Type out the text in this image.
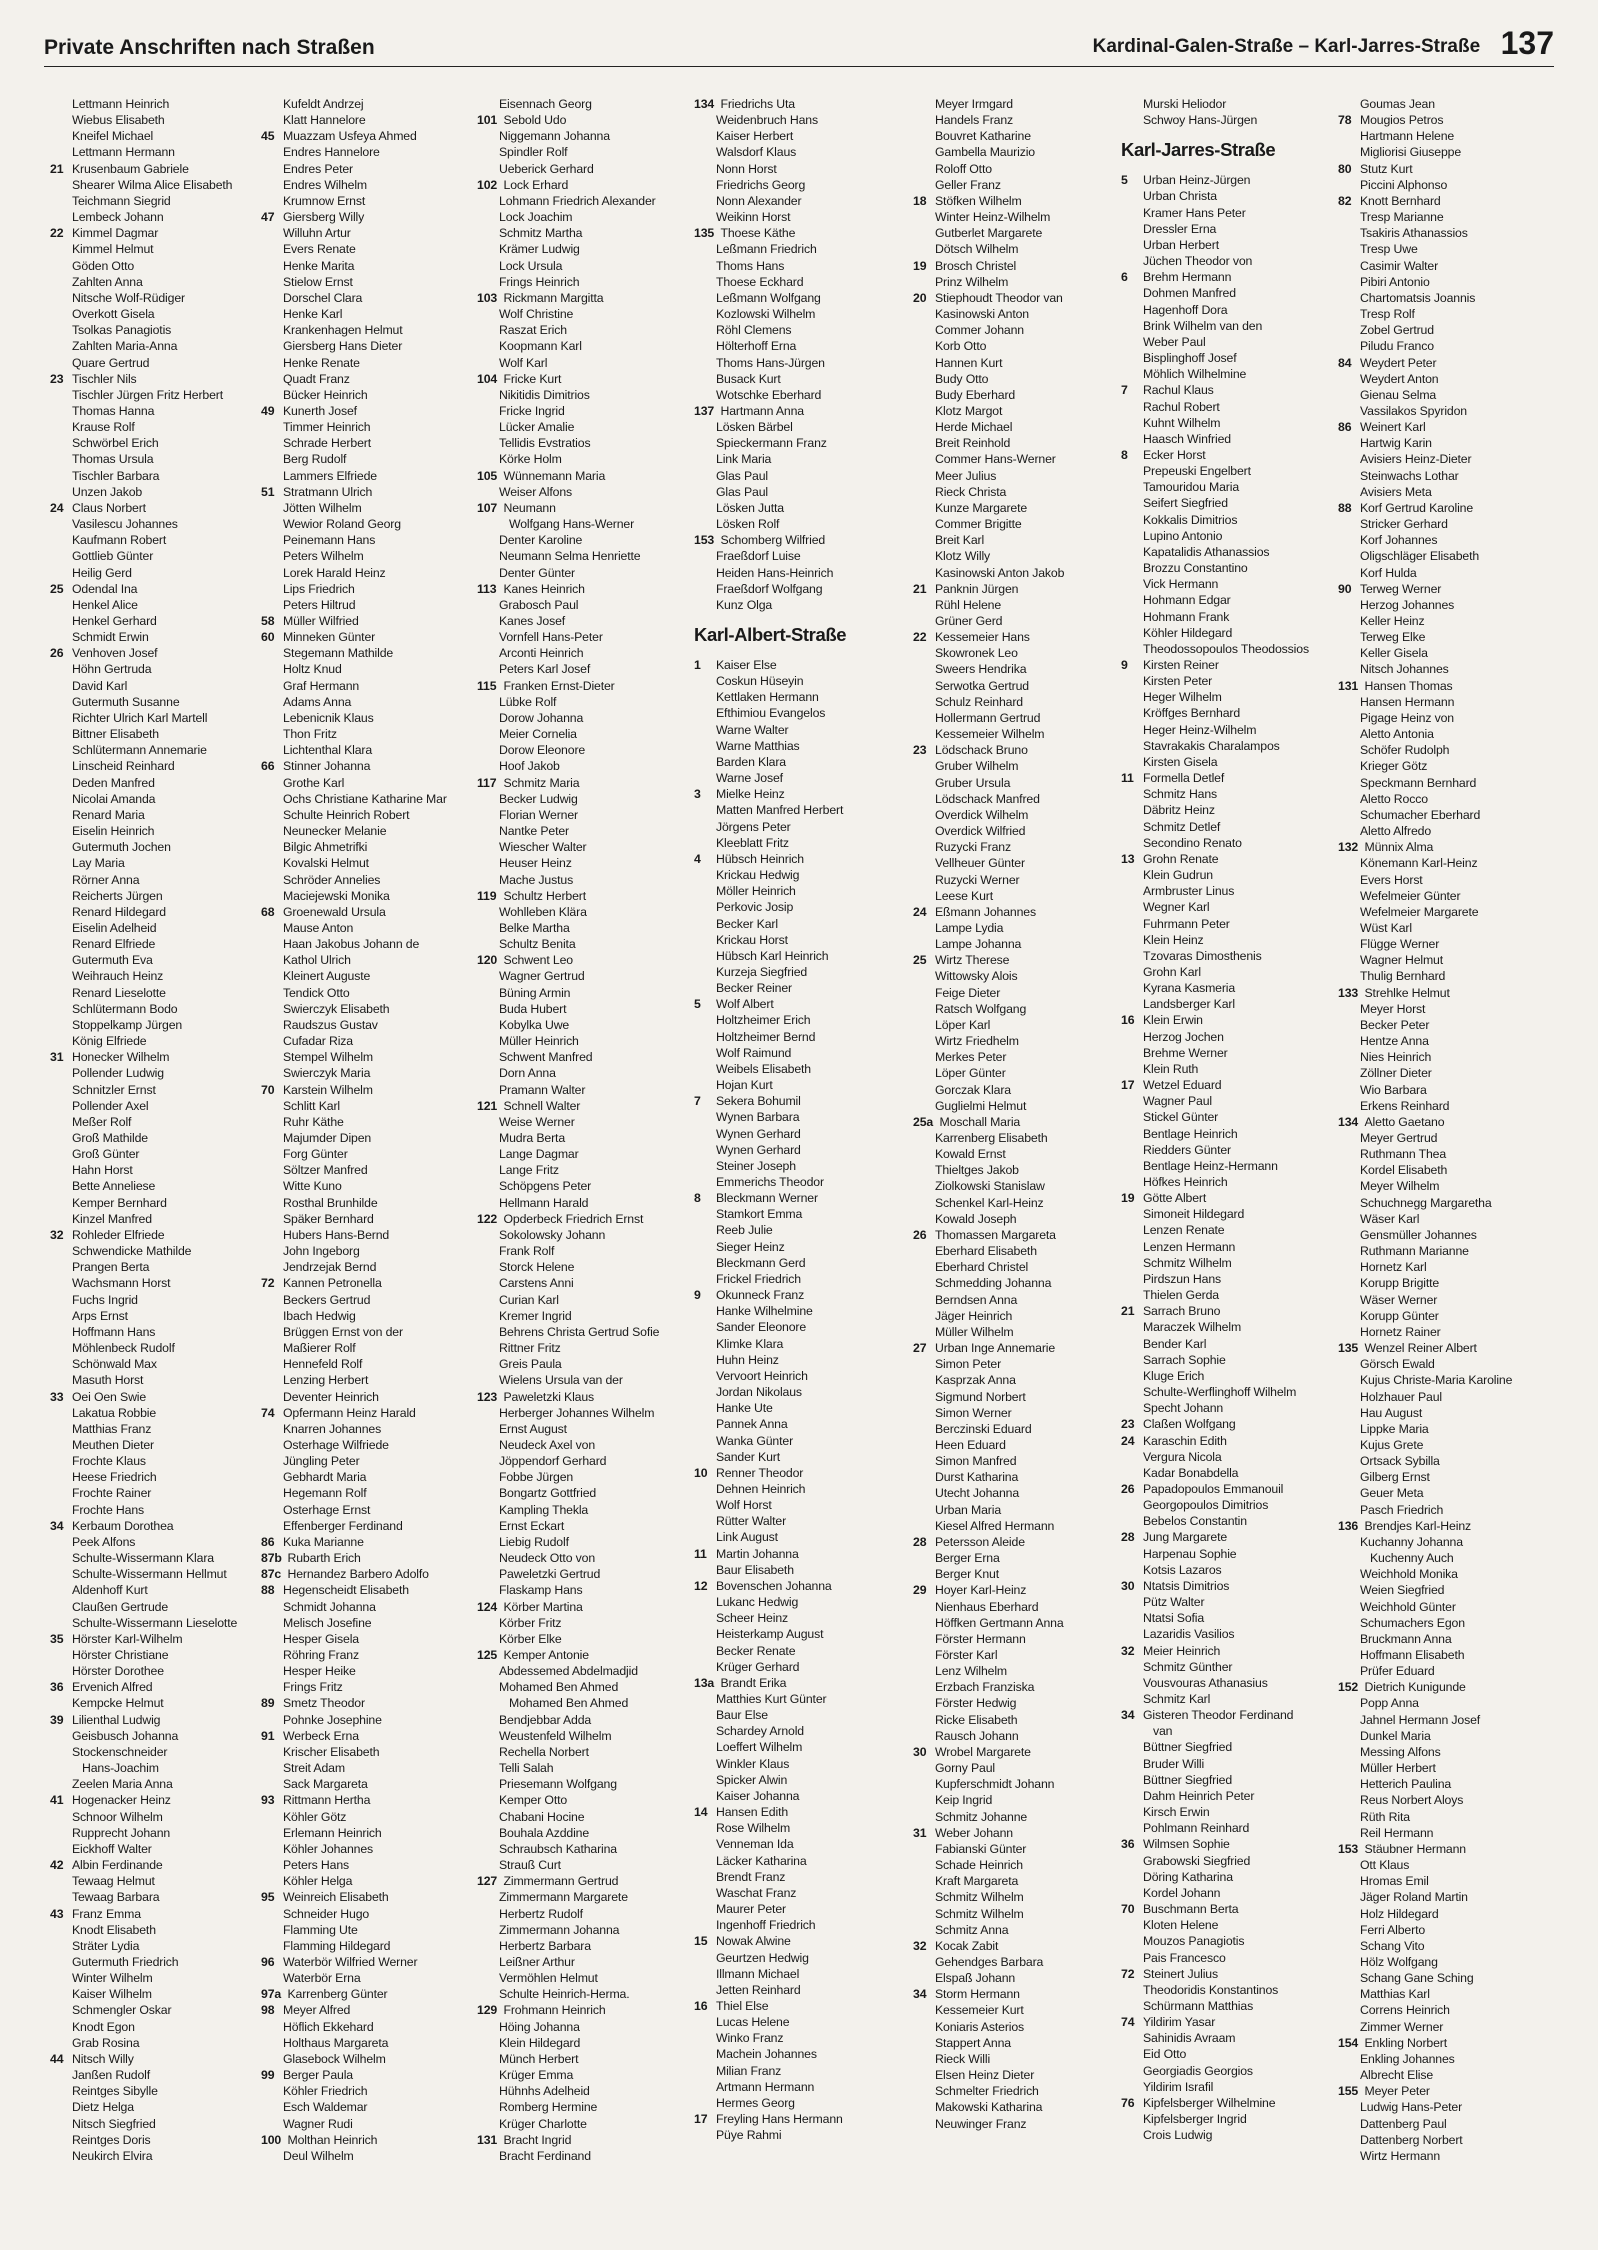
Private Anschriften nach Straßen	Kardinal-Galen-Straße – Karl-Jarres-Straße 137
Lettmann Heinrich
Wiebus Elisabeth
Kneifel Michael
Lettmann Hermann
21 Krusenbaum Gabriele
Shearer Wilma Alice Elisabeth
Teichmann Siegrid
Lembeck Johann
22 Kimmel Dagmar
Kimmel Helmut
Göden Otto
Zahlten Anna
Nitsche Wolf-Rüdiger
Overkott Gisela
Tsolkas Panagiotis
Zahlten Maria-Anna
Quare Gertrud
23 Tischler Nils
Tischler Jürgen Fritz Herbert
Thomas Hanna
Krause Rolf
Schwörbel Erich
Thomas Ursula
Tischler Barbara
Unzen Jakob
24 Claus Norbert
Vasilescu Johannes
Kaufmann Robert
Gottlieb Günter
Heilig Gerd
25 Odendal Ina
Henkel Alice
Henkel Gerhard
Schmidt Erwin
26 Venhoven Josef
Höhn Gertruda
David Karl
Gutermuth Susanne
Richter Ulrich Karl Martell
Bittner Elisabeth
Schlütermann Annemarie
Linscheid Reinhard
Deden Manfred
Nicolai Amanda
Renard Maria
Eiselin Heinrich
Gutermuth Jochen
Lay Maria
Rörner Anna
Reicherts Jürgen
Renard Hildegard
Eiselin Adelheid
Renard Elfriede
Gutermuth Eva
Weihrauch Heinz
Renard Lieselotte
Schlütermann Bodo
Stoppelkamp Jürgen
König Elfriede
31 Honecker Wilhelm
Pollender Ludwig
Schnitzler Ernst
Pollender Axel
Meßer Rolf
Groß Mathilde
Groß Günter
Hahn Horst
Bette Anneliese
Kemper Bernhard
Kinzel Manfred
32 Rohleder Elfriede
Schwendicke Mathilde
Prangen Berta
Wachsmann Horst
Fuchs Ingrid
Arps Ernst
Hoffmann Hans
Möhlenbeck Rudolf
Schönwald Max
Masuth Horst
33 Oei Oen Swie
Lakatua Robbie
Matthias Franz
Meuthen Dieter
Frochte Klaus
Heese Friedrich
Frochte Rainer
Frochte Hans
34 Kerbaum Dorothea
Peek Alfons
Schulte-Wissermann Klara
Schulte-Wissermann Hellmut
Aldenhoff Kurt
Claußen Gertrude
Schulte-Wissermann Lieselotte
35 Hörster Karl-Wilhelm
Hörster Christiane
Hörster Dorothee
36 Ervenich Alfred
Kempcke Helmut
39 Lilienthal Ludwig
Geisbusch Johanna
Stockenschneider
Hans-Joachim
Zeelen Maria Anna
41 Hogenacker Heinz
Schnoor Wilhelm
Rupprecht Johann
Eickhoff Walter
42 Albin Ferdinande
Tewaag Helmut
Tewaag Barbara
43 Franz Emma
Knodt Elisabeth
Sträter Lydia
Gutermuth Friedrich
Winter Wilhelm
Kaiser Wilhelm
Schmengler Oskar
Knodt Egon
Grab Rosina
44 Nitsch Willy
Janßen Rudolf
Reintges Sibylle
Dietz Helga
Nitsch Siegfried
Reintges Doris
Neukirch Elvira
Kufeldt Andrzej
Klatt Hannelore
45 Muazzam Usfeya Ahmed
Endres Hannelore
Endres Peter
Endres Wilhelm
Krumnow Ernst
47 Giersberg Willy
Willuhn Artur
Evers Renate
Henke Marita
Stielow Ernst
Dorschel Clara
Henke Karl
Krankenhagen Helmut
Giersberg Hans Dieter
Henke Renate
Quadt Franz
Bücker Heinrich
49 Kunerth Josef
Timmer Heinrich
Schrade Herbert
Berg Rudolf
Lammers Elfriede
51 Stratmann Ulrich
Jötten Wilhelm
Wewior Roland Georg
Peinemann Hans
Peters Wilhelm
Lorek Harald Heinz
Lips Friedrich
Peters Hiltrud
58 Müller Wilfried
60 Minneken Günter
Stegemann Mathilde
Holtz Knud
Graf Hermann
Adams Anna
Lebenicnik Klaus
Thon Fritz
Lichtenthal Klara
66 Stinner Johanna
Grothe Karl
Ochs Christiane Katharine Mar
Schulte Heinrich Robert
Neunecker Melanie
Bilgic Ahmetrifki
Kovalski Helmut
Schröder Annelies
Maciejewski Monika
68 Groenewald Ursula
Mause Anton
Haan Jakobus Johann de
Kathol Ulrich
Kleinert Auguste
Tendick Otto
Swierczyk Elisabeth
Raudszus Gustav
Cufadar Riza
Stempel Wilhelm
Swierczyk Maria
70 Karstein Wilhelm
Schlitt Karl
Ruhr Käthe
Majumder Dipen
Forg Günter
Söltzer Manfred
Witte Kuno
Rosthal Brunhilde
Späker Bernhard
Hubers Hans-Bernd
John Ingeborg
Jendrzejak Bernd
72 Kannen Petronella
Beckers Gertrud
Ibach Hedwig
Brüggen Ernst von der
Maßierer Rolf
Hennefeld Rolf
Lenzing Herbert
Deventer Heinrich
74 Opfermann Heinz Harald
Knarren Johannes
Osterhage Wilfriede
Jüngling Peter
Gebhardt Maria
Hegemann Rolf
Osterhage Ernst
Effenberger Ferdinand
86 Kuka Marianne
87b Rubarth Erich
87c Hernandez Barbero Adolfo
88 Hegenscheidt Elisabeth
Schmidt Johanna
Melisch Josefine
Hesper Gisela
Röhring Franz
Hesper Heike
Frings Fritz
89 Smetz Theodor
Pohnke Josephine
91 Werbeck Erna
Krischer Elisabeth
Streit Adam
Sack Margareta
93 Rittmann Hertha
Köhler Götz
Erlemann Heinrich
Köhler Johannes
Peters Hans
Köhler Helga
95 Weinreich Elisabeth
Schneider Hugo
Flamming Ute
Flamming Hildegard
96 Waterbör Wilfried Werner
Waterbör Erna
97a Karrenberg Günter
98 Meyer Alfred
Höflich Ekkehard
Holthaus Margareta
Glasebock Wilhelm
99 Berger Paula
Köhler Friedrich
Esch Waldemar
Wagner Rudi
100 Molthan Heinrich
Deul Wilhelm
Eisennach Georg
101 Sebold Udo
Niggemann Johanna
Spindler Rolf
Ueberick Gerhard
102 Lock Erhard
Lohmann Friedrich Alexander
Lock Joachim
Schmitz Martha
Krämer Ludwig
Lock Ursula
Frings Heinrich
103 Rickmann Margitta
Wolf Christine
Raszat Erich
Koopmann Karl
Wolf Karl
104 Fricke Kurt
Nikitidis Dimitrios
Fricke Ingrid
Lücker Amalie
Tellidis Evstratios
Körke Holm
105 Wünnemann Maria
Weiser Alfons
107 Neumann
Wolfgang Hans-Werner
Denter Karoline
Neumann Selma Henriette
Denter Günter
113 Kanes Heinrich
Grabosch Paul
Kanes Josef
Vornfell Hans-Peter
Arconti Heinrich
Peters Karl Josef
115 Franken Ernst-Dieter
Lübke Rolf
Dorow Johanna
Meier Cornelia
Dorow Eleonore
Hoof Jakob
117 Schmitz Maria
Becker Ludwig
Florian Werner
Nantke Peter
Wiescher Walter
Heuser Heinz
Mache Justus
119 Schultz Herbert
Wohlleben Klära
Belke Martha
Schultz Benita
120 Schwent Leo
Wagner Gertrud
Büning Armin
Buda Hubert
Kobylka Uwe
Müller Heinrich
Schwent Manfred
Dorn Anna
Pramann Walter
121 Schnell Walter
Weise Werner
Mudra Berta
Lange Dagmar
Lange Fritz
Schöpgens Peter
Hellmann Harald
122 Opderbeck Friedrich Ernst
Sokolowsky Johann
Frank Rolf
Storck Helene
Carstens Anni
Curian Karl
Kremer Ingrid
Behrens Christa Gertrud Sofie
Rittner Fritz
Greis Paula
Wielens Ursula van der
123 Paweletzki Klaus
Herberger Johannes Wilhelm
Ernst August
Neudeck Axel von
Jöppendorf Gerhard
Fobbe Jürgen
Bongartz Gottfried
Kampling Thekla
Ernst Eckart
Liebig Rudolf
Neudeck Otto von
Paweletzki Gertrud
Flaskamp Hans
124 Körber Martina
Körber Fritz
Körber Elke
125 Kemper Antonie
Abdessemed Abdelmadjid
Mohamed Ben Ahmed
Mohamed Ben Ahmed
Bendjebbar Adda
Weustenfeld Wilhelm
Rechella Norbert
Telli Salah
Priesemann Wolfgang
Kemper Otto
Chabani Hocine
Bouhala Azddine
Schraubsch Katharina
Strauß Curt
127 Zimmermann Gertrud
Zimmermann Margarete
Herbertz Rudolf
Zimmermann Johanna
Herbertz Barbara
Leißner Arthur
Vermöhlen Helmut
Schulte Heinrich-Herma.
129 Frohmann Heinrich
Höing Johanna
Klein Hildegard
Münch Herbert
Krüger Emma
Hühnhs Adelheid
Romberg Hermine
Krüger Charlotte
131 Bracht Ingrid
Bracht Ferdinand
134 Friedrichs Uta
Weidenbruch Hans
Kaiser Herbert
Walsdorf Klaus
Nonn Horst
Friedrichs Georg
Nonn Alexander
Weikinn Horst
135 Thoese Käthe
Leßmann Friedrich
Thoms Hans
Thoese Eckhard
Leßmann Wolfgang
Kozlowski Wilhelm
Röhl Clemens
Hölterhoff Erna
Thoms Hans-Jürgen
Busack Kurt
Wotschke Eberhard
137 Hartmann Anna
Lösken Bärbel
Spieckermann Franz
Link Maria
Glas Paul
Glas Paul
Lösken Jutta
Lösken Rolf
153 Schomberg Wilfried
Fraeßdorf Luise
Heiden Hans-Heinrich
Fraeßdorf Wolfgang
Kunz Olga
Karl-Albert-Straße
1 Kaiser Else
Coskun Hüseyin
Kettlaken Hermann
Efthimiou Evangelos
Warne Walter
Warne Matthias
Barden Klara
Warne Josef
3 Mielke Heinz
Matten Manfred Herbert
Jörgens Peter
Kleeblatt Fritz
4 Hübsch Heinrich
Krickau Hedwig
Möller Heinrich
Perkovic Josip
Becker Karl
Krickau Horst
Hübsch Karl Heinrich
Kurzeja Siegfried
Becker Reiner
5 Wolf Albert
Holtzheimer Erich
Holtzheimer Bernd
Wolf Raimund
Weibels Elisabeth
Hojan Kurt
7 Sekera Bohumil
Wynen Barbara
Wynen Gerhard
Wynen Gerhard
Steiner Joseph
Emmerichs Theodor
8 Bleckmann Werner
Stamkort Emma
Reeb Julie
Sieger Heinz
Bleckmann Gerd
Frickel Friedrich
9 Okunneck Franz
Hanke Wilhelmine
Sander Eleonore
Klimke Klara
Huhn Heinz
Vervoort Heinrich
Jordan Nikolaus
Hanke Ute
Pannek Anna
Wanka Günter
Sander Kurt
10 Renner Theodor
Dehnen Heinrich
Wolf Horst
Rütter Walter
Link August
11 Martin Johanna
Baur Elisabeth
12 Bovenschen Johanna
Lukanc Hedwig
Scheer Heinz
Heisterkamp August
Becker Renate
Krüger Gerhard
13a Brandt Erika
Matthies Kurt Günter
Baur Else
Schardey Arnold
Loeffert Wilhelm
Winkler Klaus
Spicker Alwin
Kaiser Johanna
14 Hansen Edith
Rose Wilhelm
Venneman Ida
Läcker Katharina
Brendt Franz
Waschat Franz
Maurer Peter
Ingenhoff Friedrich
15 Nowak Alwine
Geurtzen Hedwig
Illmann Michael
Jetten Reinhard
16 Thiel Else
Lucas Helene
Winko Franz
Machein Johannes
Milian Franz
Artmann Hermann
Hermes Georg
17 Freyling Hans Hermann
Püye Rahmi
Meyer Irmgard
Handels Franz
Bouvret Katharine
Gambella Maurizio
Roloff Otto
Geller Franz
18 Stöfken Wilhelm
Winter Heinz-Wilhelm
Gutberlet Margarete
Dötsch Wilhelm
19 Brosch Christel
Prinz Wilhelm
20 Stiephoudt Theodor van
Kasinowski Anton
Commer Johann
Korb Otto
Hannen Kurt
Budy Otto
Budy Eberhard
Klotz Margot
Herde Michael
Breit Reinhold
Commer Hans-Werner
Meer Julius
Rieck Christa
Kunze Margarete
Commer Brigitte
Breit Karl
Klotz Willy
Kasinowski Anton Jakob
21 Panknin Jürgen
Rühl Helene
Grüner Gerd
22 Kessemeier Hans
Skowronek Leo
Sweers Hendrika
Serwotka Gertrud
Schulz Reinhard
Hollermann Gertrud
Kessemeier Wilhelm
23 Lödschack Bruno
Gruber Wilhelm
Gruber Ursula
Lödschack Manfred
Overdick Wilhelm
Overdick Wilfried
Ruzycki Franz
Vellheuer Günter
Ruzycki Werner
Leese Kurt
24 Eßmann Johannes
Lampe Lydia
Lampe Johanna
25 Wirtz Therese
Wittowsky Alois
Feige Dieter
Ratsch Wolfgang
Löper Karl
Wirtz Friedhelm
Merkes Peter
Löper Günter
Gorczak Klara
Guglielmi Helmut
25a Moschall Maria
Karrenberg Elisabeth
Kowald Ernst
Thieltges Jakob
Ziolkowski Stanislaw
Schenkel Karl-Heinz
Kowald Joseph
26 Thomassen Margareta
Eberhard Elisabeth
Eberhard Christel
Schmedding Johanna
Berndsen Anna
Jäger Heinrich
Müller Wilhelm
27 Urban Inge Annemarie
Simon Peter
Kasprzak Anna
Sigmund Norbert
Simon Werner
Berczinski Eduard
Heen Eduard
Simon Manfred
Durst Katharina
Utecht Johanna
Urban Maria
Kiesel Alfred Hermann
28 Petersson Aleide
Berger Erna
Berger Knut
29 Hoyer Karl-Heinz
Nienhaus Eberhard
Höffken Gertmann Anna
Förster Hermann
Förster Karl
Lenz Wilhelm
Erzbach Franziska
Förster Hedwig
Ricke Elisabeth
Rausch Johann
30 Wrobel Margarete
Gorny Paul
Kupferschmidt Johann
Keip Ingrid
Schmitz Johanne
31 Weber Johann
Fabianski Günter
Schade Heinrich
Kraft Margareta
Schmitz Wilhelm
Schmitz Wilhelm
Schmitz Anna
32 Kocak Zabit
Gehendges Barbara
Elspaß Johann
34 Storm Hermann
Kessemeier Kurt
Koniaris Asterios
Stappert Anna
Rieck Willi
Elsen Heinz Dieter
Schmelter Friedrich
Makowski Katharina
Neuwinger Franz
Murski Heliodor
Schwoy Hans-Jürgen
Karl-Jarres-Straße
5 Urban Heinz-Jürgen
Urban Christa
Kramer Hans Peter
Dressler Erna
Urban Herbert
Jüchen Theodor von
6 Brehm Hermann
Dohmen Manfred
Hagenhoff Dora
Brink Wilhelm van den
Weber Paul
Bisplinghoff Josef
Möhlich Wilhelmine
7 Rachul Klaus
Rachul Robert
Kuhnt Wilhelm
Haasch Winfried
8 Ecker Horst
Prepeuski Engelbert
Tamouridou Maria
Seifert Siegfried
Kokkalis Dimitrios
Lupino Antonio
Kapatalidis Athanassios
Brozzu Constantino
Vick Hermann
Hohmann Edgar
Hohmann Frank
Köhler Hildegard
Theodossopoulos Theodossios
9 Kirsten Reiner
Kirsten Peter
Heger Wilhelm
Kröffges Bernhard
Heger Heinz-Wilhelm
Stavrakakis Charalampos
Kirsten Gisela
11 Formella Detlef
Schmitz Hans
Däbritz Heinz
Schmitz Detlef
Secondino Renato
13 Grohn Renate
Klein Gudrun
Armbruster Linus
Wegner Karl
Fuhrmann Peter
Klein Heinz
Tzovaras Dimosthenis
Grohn Karl
Kyrana Kasmeria
Landsberger Karl
16 Klein Erwin
Herzog Jochen
Brehme Werner
Klein Ruth
17 Wetzel Eduard
Wagner Paul
Stickel Günter
Bentlage Heinrich
Riedders Günter
Bentlage Heinz-Hermann
Höfkes Heinrich
19 Götte Albert
Simoneit Hildegard
Lenzen Renate
Lenzen Hermann
Schmitz Wilhelm
Pirdszun Hans
Thielen Gerda
21 Sarrach Bruno
Maraczek Wilhelm
Bender Karl
Sarrach Sophie
Kluge Erich
Schulte-Werflinghoff Wilhelm
Specht Johann
23 Claßen Wolfgang
24 Karaschin Edith
Vergura Nicola
Kadar Bonabdella
26 Papadopoulos Emmanouil
Georgopoulos Dimitrios
Bebelos Constantin
28 Jung Margarete
Harpenau Sophie
Kotsis Lazaros
30 Ntatsis Dimitrios
Pütz Walter
Ntatsi Sofia
Lazaridis Vasilios
32 Meier Heinrich
Schmitz Günther
Vousvouras Athanasius
Schmitz Karl
34 Gisteren Theodor Ferdinand
van
Büttner Siegfried
Bruder Willi
Büttner Siegfried
Dahm Heinrich Peter
Kirsch Erwin
Pohlmann Reinhard
36 Wilmsen Sophie
Grabowski Siegfried
Döring Katharina
Kordel Johann
70 Buschmann Berta
Kloten Helene
Mouzos Panagiotis
Pais Francesco
72 Steinert Julius
Theodoridis Konstantinos
Schürmann Matthias
74 Yildirim Yasar
Sahinidis Avraam
Eid Otto
Georgiadis Georgios
Yildirim Israfil
76 Kipfelsberger Wilhelmine
Kipfelsberger Ingrid
Crois Ludwig
Goumas Jean
78 Mougios Petros
Hartmann Helene
Migliorisi Giuseppe
80 Stutz Kurt
Piccini Alphonso
82 Knott Bernhard
Tresp Marianne
Tsakiris Athanassios
Tresp Uwe
Casimir Walter
Pibiri Antonio
Chartomatsis Joannis
Tresp Rolf
Zobel Gertrud
Piludu Franco
84 Weydert Peter
Weydert Anton
Gienau Selma
Vassilakos Spyridon
86 Weinert Karl
Hartwig Karin
Avisiers Heinz-Dieter
Steinwachs Lothar
Avisiers Meta
88 Korf Gertrud Karoline
Stricker Gerhard
Korf Johannes
Oligschläger Elisabeth
Korf Hulda
90 Terweg Werner
Herzog Johannes
Keller Heinz
Terweg Elke
Keller Gisela
Nitsch Johannes
131 Hansen Thomas
Hansen Hermann
Pigage Heinz von
Aletto Antonia
Schöfer Rudolph
Krieger Götz
Speckmann Bernhard
Aletto Rocco
Schumacher Eberhard
Aletto Alfredo
132 Münnix Alma
Könemann Karl-Heinz
Evers Horst
Wefelmeier Günter
Wefelmeier Margarete
Wüst Karl
Flügge Werner
Wagner Helmut
Thulig Bernhard
133 Strehlke Helmut
Meyer Horst
Becker Peter
Hentze Anna
Nies Heinrich
Zöllner Dieter
Wio Barbara
Erkens Reinhard
134 Aletto Gaetano
Meyer Gertrud
Ruthmann Thea
Kordel Elisabeth
Meyer Wilhelm
Schuchnegg Margaretha
Wäser Karl
Gensmüller Johannes
Ruthmann Marianne
Hornetz Karl
Korupp Brigitte
Wäser Werner
Korupp Günter
Hornetz Rainer
135 Wenzel Reiner Albert
Görsch Ewald
Kujus Christe-Maria Karoline
Holzhauer Paul
Hau August
Lippke Maria
Kujus Grete
Ortsack Sybilla
Gilberg Ernst
Geuer Meta
Pasch Friedrich
136 Brendjes Karl-Heinz
Kuchanny Johanna
Kuchenny Auch
Weichhold Monika
Weien Siegfried
Weichhold Günter
Schumachers Egon
Bruckmann Anna
Hoffmann Elisabeth
Prüfer Eduard
152 Dietrich Kunigunde
Popp Anna
Jahnel Hermann Josef
Dunkel Maria
Messing Alfons
Müller Herbert
Hetterich Paulina
Reus Norbert Aloys
Rüth Rita
Reil Hermann
153 Stäubner Hermann
Ott Klaus
Hromas Emil
Jäger Roland Martin
Holz Hildegard
Ferri Alberto
Schang Vito
Hölz Wolfgang
Schang Gane Sching
Matthias Karl
Correns Heinrich
Zimmer Werner
154 Enkling Norbert
Enkling Johannes
Albrecht Elise
155 Meyer Peter
Ludwig Hans-Peter
Dattenberg Paul
Dattenberg Norbert
Wirtz Hermann
